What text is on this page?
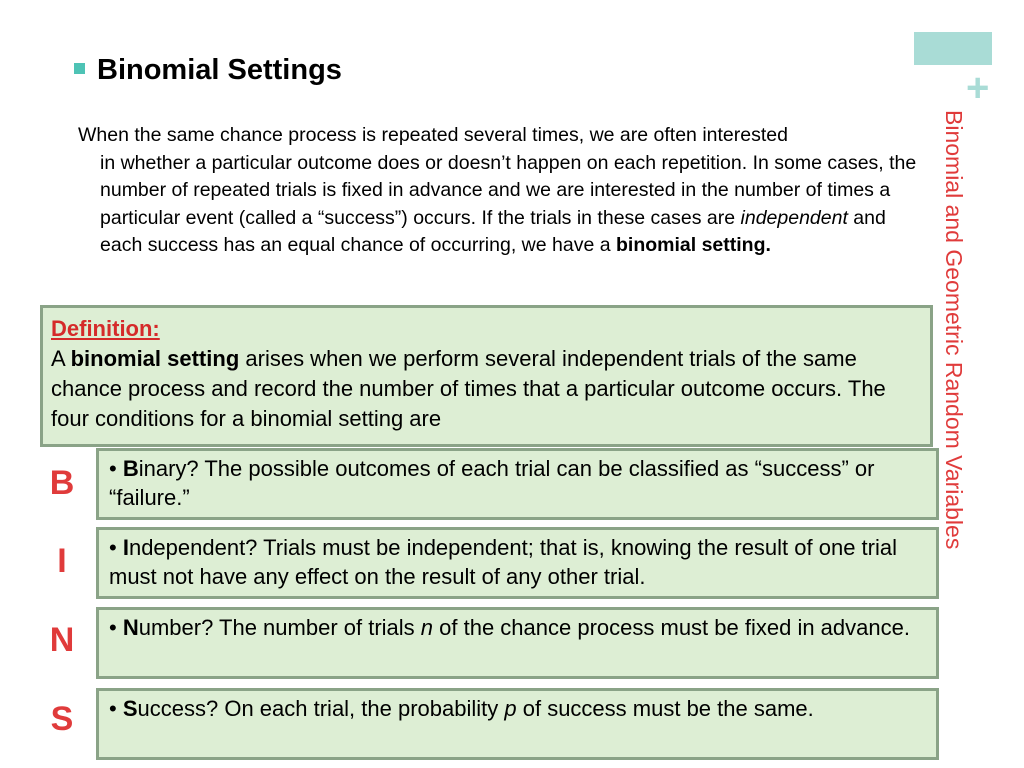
+
Binomial and Geometric Random Variables
Binomial Settings
When the same chance process is repeated several times, we are often interested
in whether a particular outcome does or doesn’t happen on each repetition. In some cases, the number of repeated trials is fixed in advance and we are interested in the number of times a particular event (called a “success”) occurs. If the trials in these cases are independent and each success has an equal chance of occurring, we have a binomial setting.
Definition:
A binomial setting arises when we perform several independent trials of the same chance process and record the number of times that a particular outcome occurs. The four conditions for a binomial setting are
B	• Binary? The possible outcomes of each trial can be classified as “success” or “failure.”
I	• Independent? Trials must be independent; that is, knowing the result of one trial must not have any effect on the result of any other trial.
N	• Number? The number of trials n of the chance process must be fixed in advance.
S	• Success? On each trial, the probability p of success must be the same.
